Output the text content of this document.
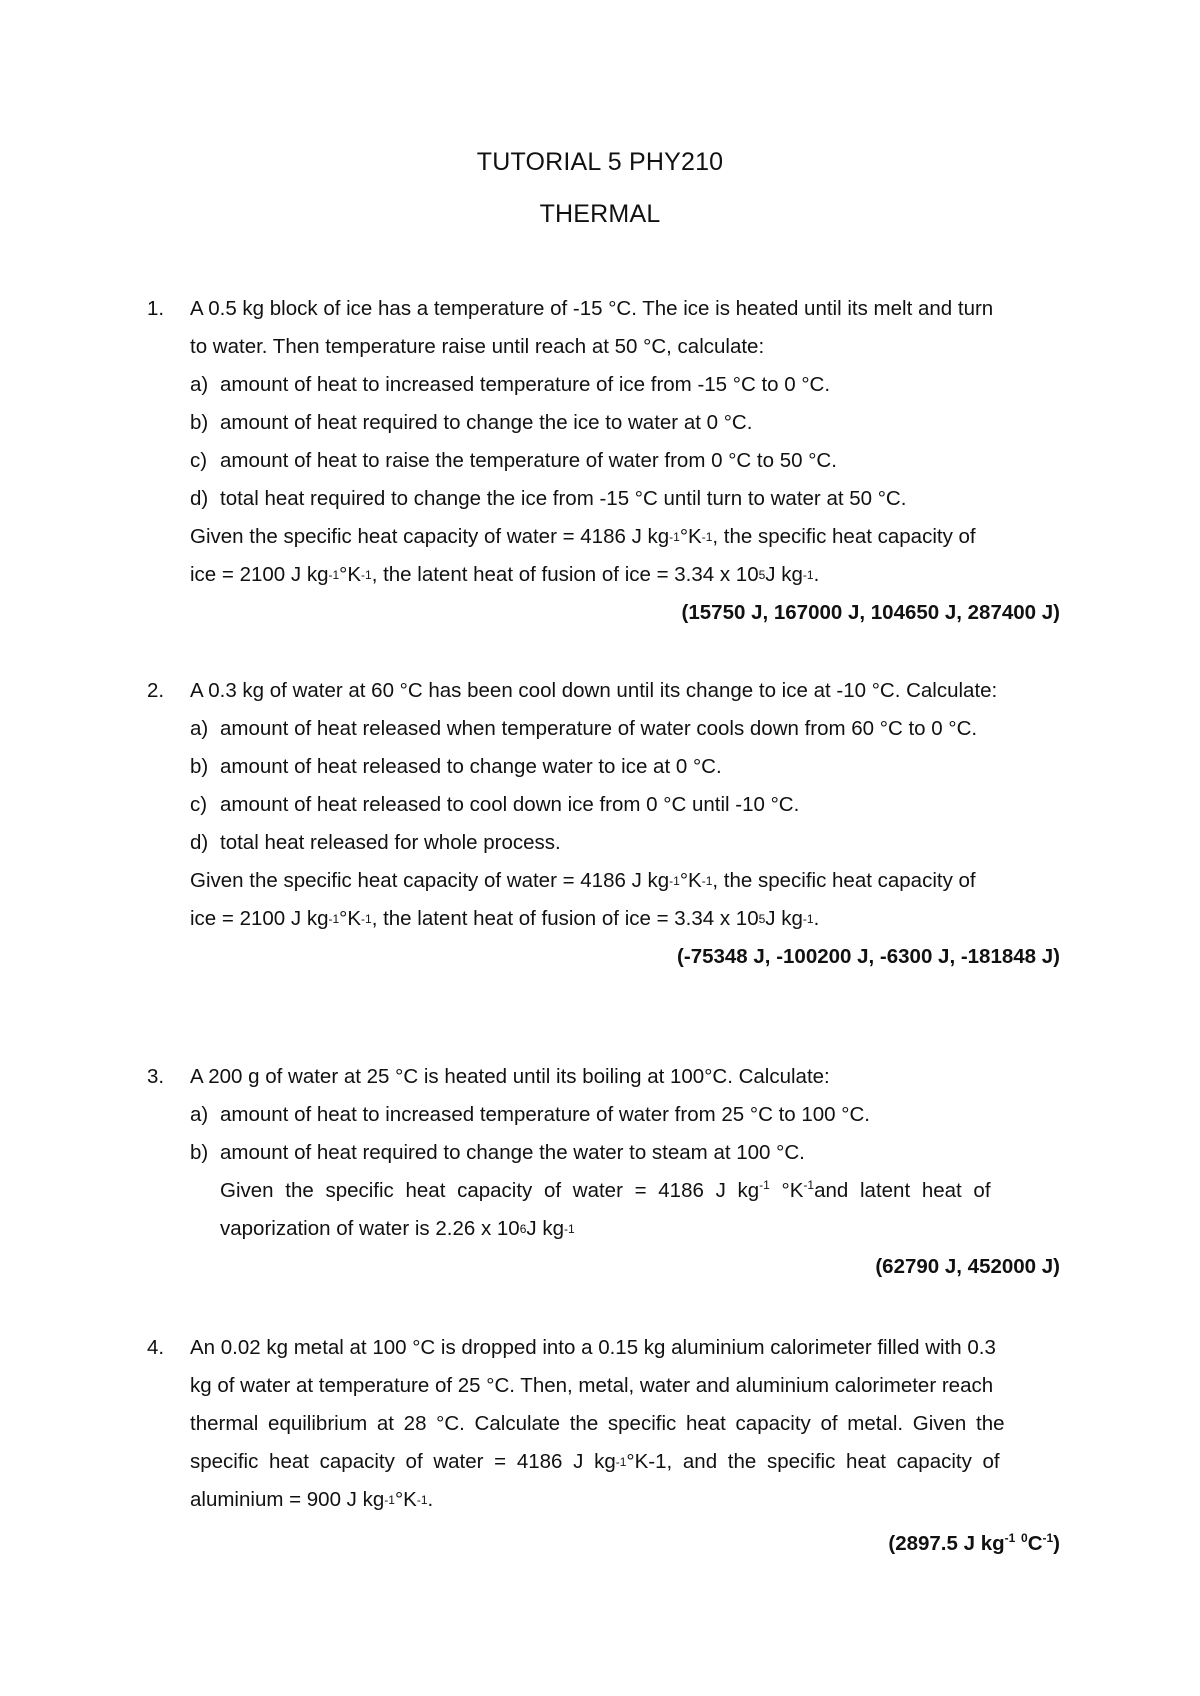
TUTORIAL 5 PHY210
THERMAL
1.	A 0.5 kg block of ice has a temperature of -15 °C. The ice is heated until its melt and turn
to water. Then temperature raise until reach at 50 °C, calculate:
a) amount of heat to increased temperature of ice from -15 °C to 0 °C.
b) amount of heat required to change the ice to water at 0 °C.
c) amount of heat to raise the temperature of water from 0 °C to 50 °C.
d) total heat required to change the ice from -15 °C until turn to water at 50 °C.
Given the specific heat capacity of water = 4186 J kg -1 °K -1 , the specific heat capacity of
ice = 2100 J kg -1 °K -1 , the latent heat of fusion of ice = 3.34 x 10 5 J kg -1 .
(15750 J, 167000 J, 104650 J, 287400 J)
2.	A 0.3 kg of water at 60 °C has been cool down until its change to ice at -10 °C. Calculate:
a) amount of heat released when temperature of water cools down from 60 °C to 0 °C.
b) amount of heat released to change water to ice at 0 °C.
c) amount of heat released to cool down ice from 0 °C until -10 °C.
d) total heat released for whole process.
Given the specific heat capacity of water = 4186 J kg -1 °K -1 , the specific heat capacity of
ice = 2100 J kg -1 °K -1 , the latent heat of fusion of ice = 3.34 x 10 5 J kg -1 .
(-75348 J, -100200 J, -6300 J, -181848 J)
3.	A 200 g of water at 25 °C is heated until its boiling at 100°C. Calculate:
a) amount of heat to increased temperature of water from 25 °C to 100 °C.
b) amount of heat required to change the water to steam at 100 °C.
Given the specific heat capacity of water = 4186 J $kg^{-1}$ $^\circ K^{-1}and$ latent heat of
vaporization of water is 2.26 x 10 6 J kg -1
(62790 J, 452000 J)
4.	An 0.02 kg metal at 100 °C is dropped into a 0.15 kg aluminium calorimeter filled with 0.3
kg of water at temperature of 25 °C. Then, metal, water and aluminium calorimeter reach
thermal equilibrium at 28 °C. Calculate the specific heat capacity of metal. Given the
specific heat capacity of water = 4186 J kg -1 °K-1, and the specific heat capacity of
aluminium = 900 J kg -1 °K -1 .
(2897.5 J $kg^{-1}$ $^0C^{-1}$)
